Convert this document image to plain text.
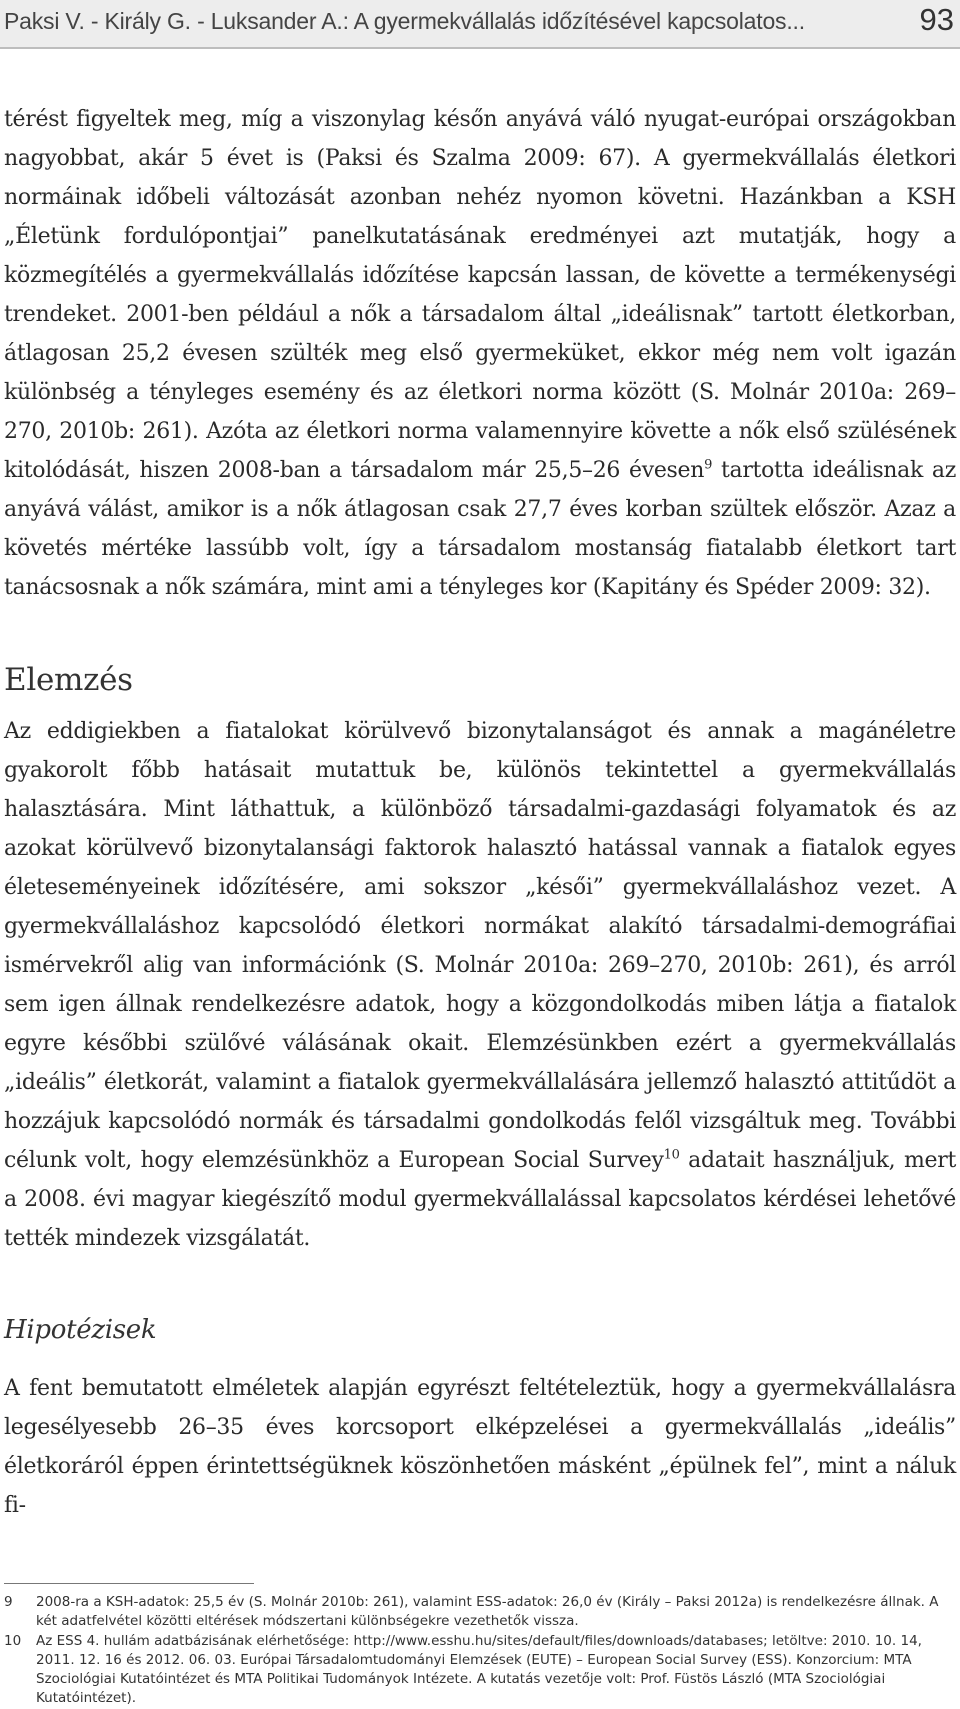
Paksi V. - Király G. - Luksander A.: A gyermekvállalás időzítésével kapcsolatos...	93

térést figyeltek meg, míg a viszonylag későn anyává váló nyugat-európai országokban nagyobbat, akár 5 évet is (Paksi és Szalma 2009: 67). A gyermekvállalás életkori normáinak időbeli változását azonban nehéz nyomon követni. Hazánkban a KSH „Életünk fordulópontjai” panelkutatásának eredményei azt mutatják, hogy a közmegítélés a gyermekvállalás időzítése kapcsán lassan, de követte a termékenységi trendeket. 2001-ben például a nők a társadalom által „ideálisnak” tartott életkorban, átlagosan 25,2 évesen szülték meg első gyermeküket, ekkor még nem volt igazán különbség a tényleges esemény és az életkori norma között (S. Molnár 2010a: 269–270, 2010b: 261). Azóta az életkori norma valamennyire követte a nők első szülésének kitolódását, hiszen 2008-ban a társadalom már 25,5–26 évesen$^9$ tartotta ideálisnak az anyává válást, amikor is a nők átlagosan csak 27,7 éves korban szültek először. Azaz a követés mértéke lassúbb volt, így a társadalom mostanság fiatalabb életkort tart tanácsosnak a nők számára, mint ami a tényleges kor (Kapitány és Spéder 2009: 32).

Elemzés

Az eddigiekben a fiatalokat körülvevő bizonytalanságot és annak a magánéletre gyakorolt főbb hatásait mutattuk be, különös tekintettel a gyermekvállalás halasztására. Mint láthattuk, a különböző társadalmi-gazdasági folyamatok és az azokat körülvevő bizonytalansági faktorok halasztó hatással vannak a fiatalok egyes életeseményeinek időzítésére, ami sokszor „késői” gyermekvállaláshoz vezet. A gyermekvállaláshoz kapcsolódó életkori normákat alakító társadalmi-demográfiai ismérvekről alig van információnk (S. Molnár 2010a: 269–270, 2010b: 261), és arról sem igen állnak rendelkezésre adatok, hogy a közgondolkodás miben látja a fiatalok egyre későbbi szülővé válásának okait. Elemzésünkben ezért a gyermekvállalás „ideális” életkorát, valamint a fiatalok gyermekvállalására jellemző halasztó attitűdöt a hozzájuk kapcsolódó normák és társadalmi gondolkodás felől vizsgáltuk meg. További célunk volt, hogy elemzésünkhöz a European Social Survey$^{10}$ adatait használjuk, mert a 2008. évi magyar kiegészítő modul gyermekvállalással kapcsolatos kérdései lehetővé tették mindezek vizsgálatát.

Hipotézisek

A fent bemutatott elméletek alapján egyrészt feltételeztük, hogy a gyermekvállalásra legesélyesebb 26–35 éves korcsoport elképzelései a gyermekvállalás „ideális” életkoráról éppen érintettségüknek köszönhetően másként „épülnek fel”, mint a náluk fi-

9	2008-ra a KSH-adatok: 25,5 év (S. Molnár 2010b: 261), valamint ESS-adatok: 26,0 év (Király – Paksi 2012a) is rendelkezésre állnak. A két adatfelvétel közötti eltérések módszertani különbségekre vezethetők vissza.
10	Az ESS 4. hullám adatbázisának elérhetősége: http://www.esshu.hu/sites/default/files/downloads/databases; letöltve: 2010. 10. 14, 2011. 12. 16 és 2012. 06. 03. Európai Társadalomtudományi Elemzések (EUTE) – European Social Survey (ESS). Konzorcium: MTA Szociológiai Kutatóintézet és MTA Politikai Tudományok Intézete. A kutatás vezetője volt: Prof. Füstös László (MTA Szociológiai Kutatóintézet).
